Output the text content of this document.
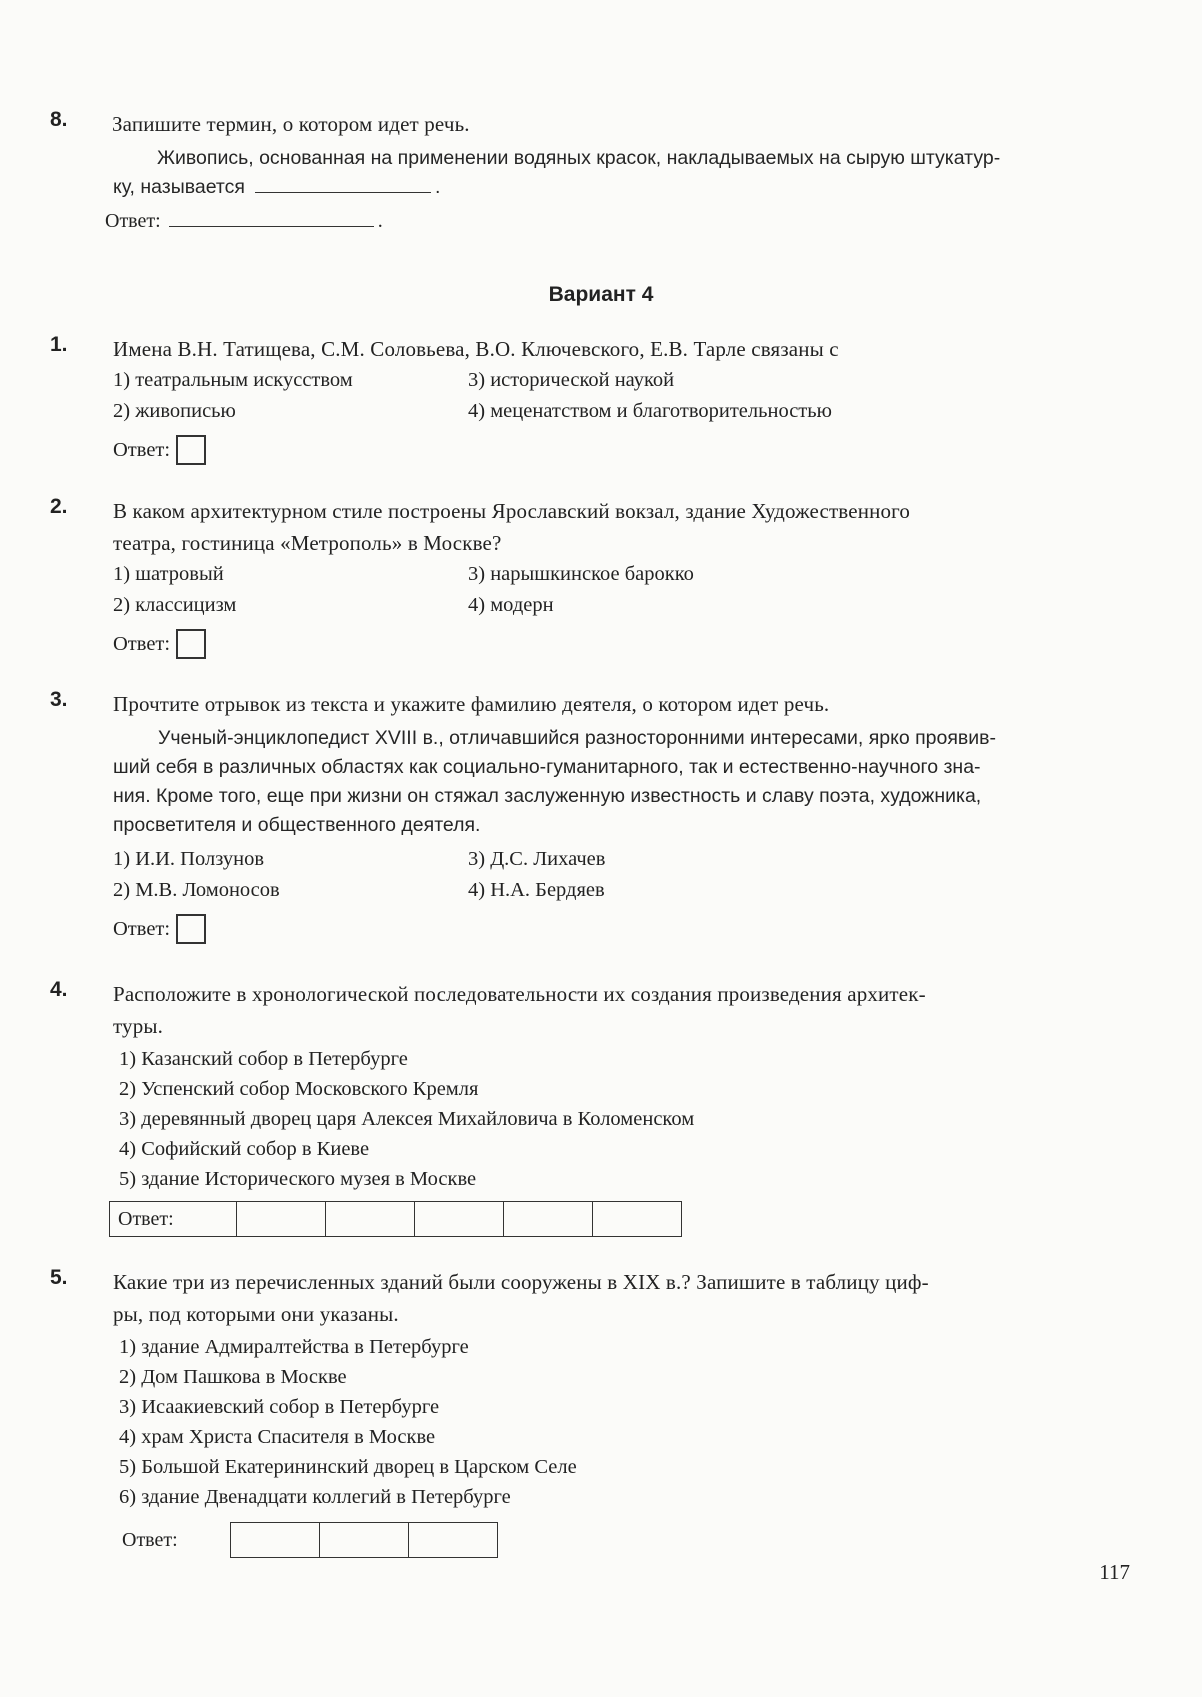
8. Запишите термин, о котором идет речь.
Живопись, основанная на применении водяных красок, накладываемых на сырую штукатур-
ку, называется	.
Ответ:	.
Вариант 4
1. Имена В.Н. Татищева, С.М. Соловьева, В.О. Ключевского, Е.В. Тарле связаны с
1) театральным искусством
2) живописью
3) исторической наукой
4) меценатством и благотворительностью
Ответ:
2. В каком архитектурном стиле построены Ярославский вокзал, здание Художественного
театра, гостиница «Метрополь» в Москве?
1) шатровый
2) классицизм
3) нарышкинское барокко
4) модерн
Ответ:
3. Прочтите отрывок из текста и укажите фамилию деятеля, о котором идет речь.
Ученый-энциклопедист XVIII в., отличавшийся разносторонними интересами, ярко проявив-
ший себя в различных областях как социально-гуманитарного, так и естественно-научного зна-
ния. Кроме того, еще при жизни он стяжал заслуженную известность и славу поэта, художника,
просветителя и общественного деятеля.
1) И.И. Ползунов
2) М.В. Ломоносов
3) Д.С. Лихачев
4) Н.А. Бердяев
Ответ:
4. Расположите в хронологической последовательности их создания произведения архитек-
туры.
1) Казанский собор в Петербурге
2) Успенский собор Московского Кремля
3) деревянный дворец царя Алексея Михайловича в Коломенском
4) Софийский собор в Киеве
5) здание Исторического музея в Москве
Ответ:					
5. Какие три из перечисленных зданий были сооружены в XIX в.? Запишите в таблицу циф-
ры, под которыми они указаны.
1) здание Адмиралтейства в Петербурге
2) Дом Пашкова в Москве
3) Исаакиевский собор в Петербурге
4) храм Христа Спасителя в Москве
5) Большой Екатерининский дворец в Царском Селе
6) здание Двенадцати коллегий в Петербурге
Ответ:

117
